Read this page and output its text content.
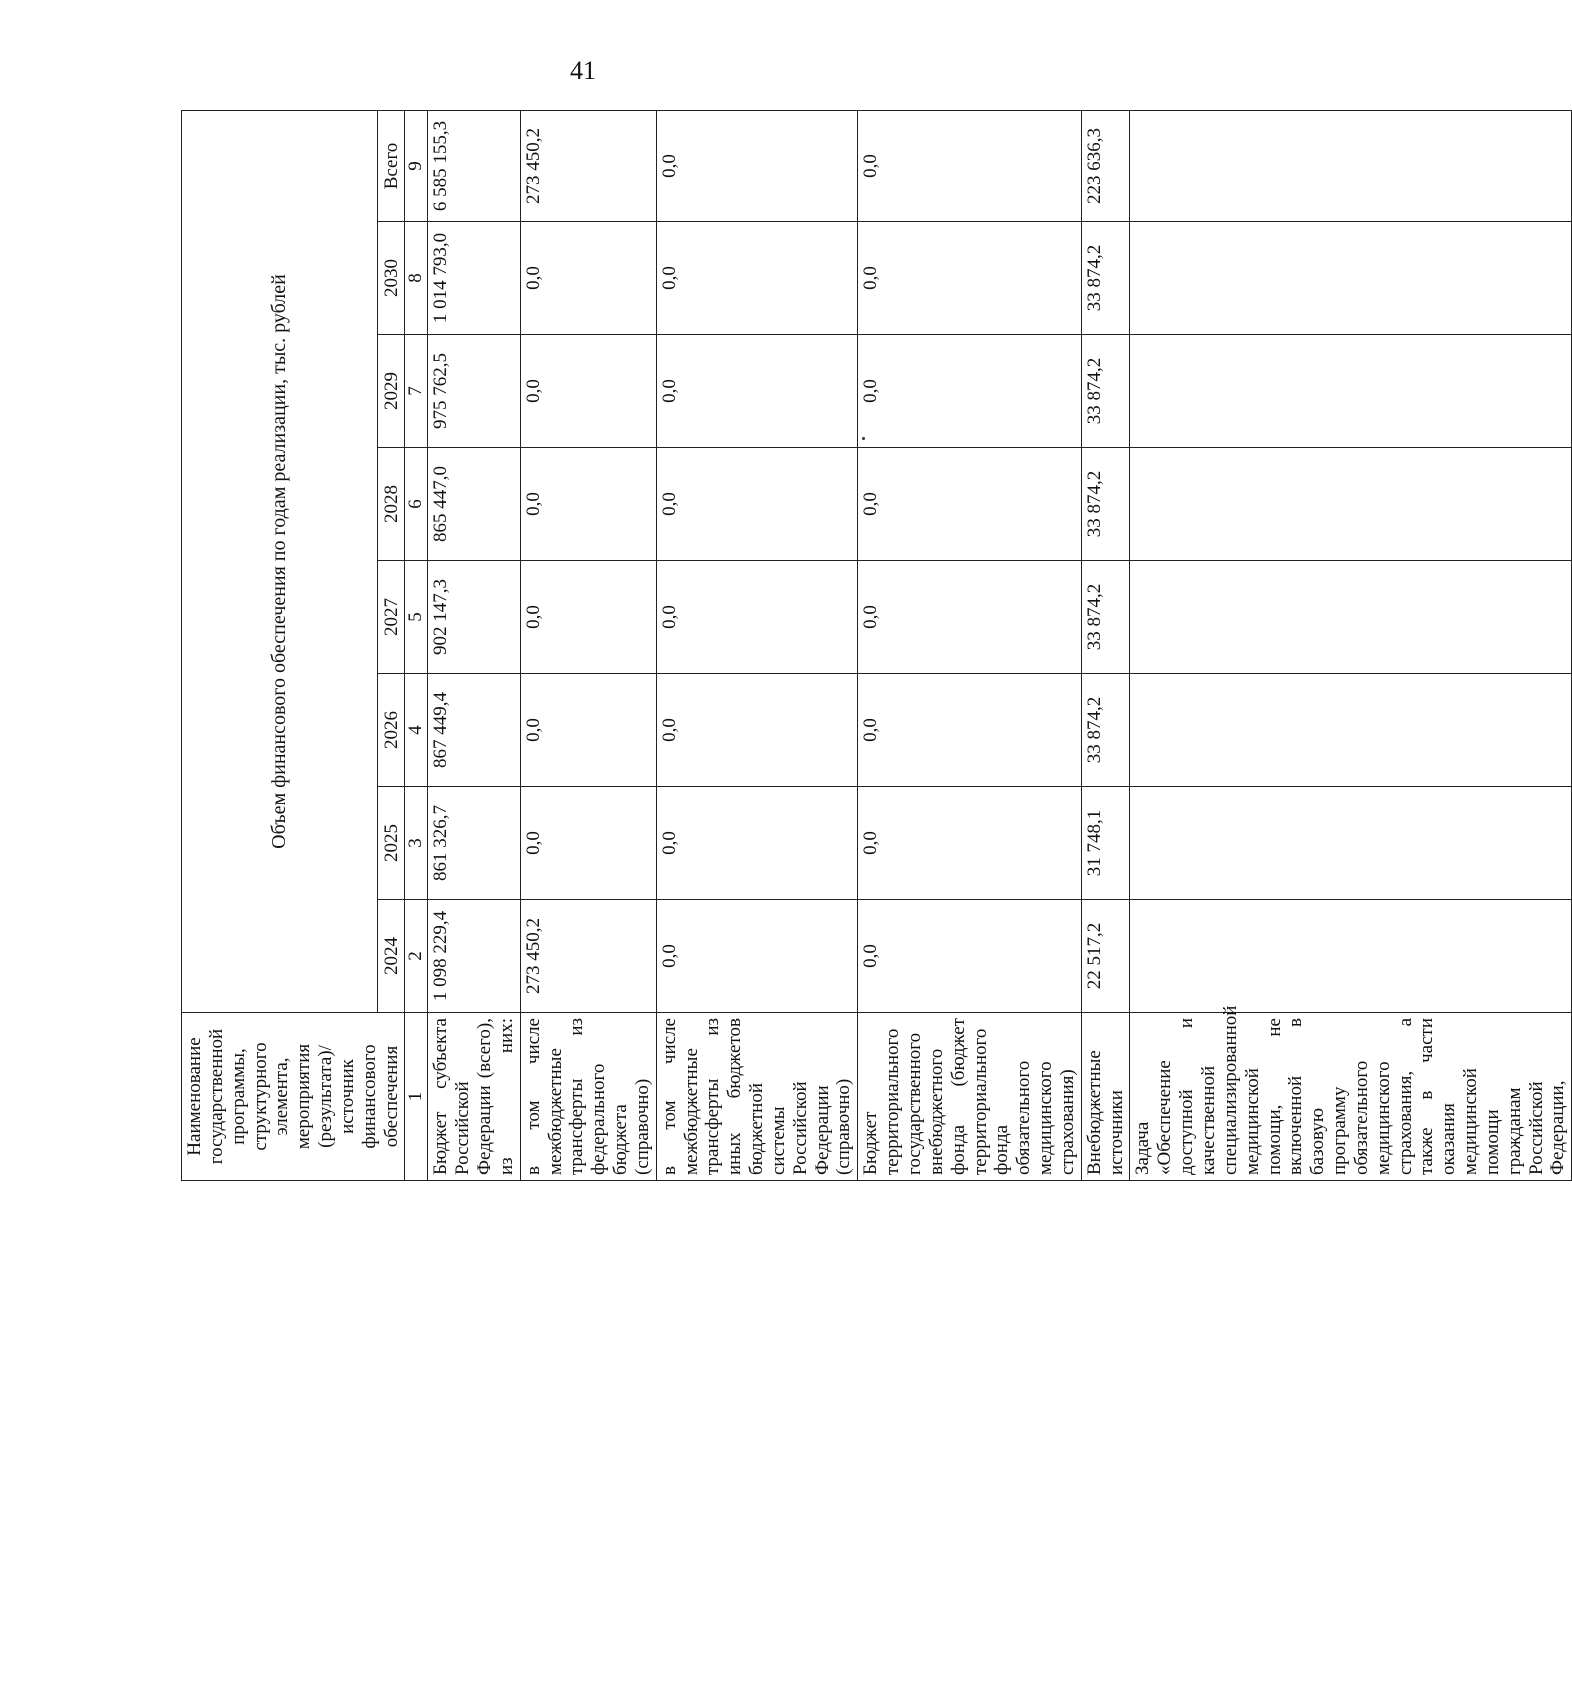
41
Наименование государственной программы, структурного элемента, мероприятия (результата)/источник финансового обеспечения	Объем финансового обеспечения по годам реализации, тыс. рублей							
	2024	2025	2026	2027	2028	2029	2030	Всего
1	2	3	4	5	6	7	8	9
Бюджет субъекта Российской Федерации (всего), из них:	1 098 229,4	861 326,7	867 449,4	902 147,3	865 447,0	975 762,5	1 014 793,0	6 585 155,3
в том числе межбюджетные трансферты из федерального бюджета (справочно)	273 450,2	0,0	0,0	0,0	0,0	0,0	0,0	273 450,2
в том числе межбюджетные трансферты из иных бюджетов бюджетной системы Российской Федерации (справочно)	0,0	0,0	0,0	0,0	0,0	0,0	0,0	0,0
Бюджет территориального государственного внебюджетного фонда (бюджет территориального фонда обязательного медицинского страхования)	0,0	0,0	0,0	0,0	0,0	0,0	0,0	0,0
Внебюджетные источники	22 517,2	31 748,1	33 874,2	33 874,2	33 874,2	33 874,2	33 874,2	223 636,3
Задача «Обеспечение доступной и качественной специализированной медицинской помощи, не включенной в базовую программу обязательного медицинского страхования, а также в части оказания медицинской помощи гражданам Российской Федерации,								
